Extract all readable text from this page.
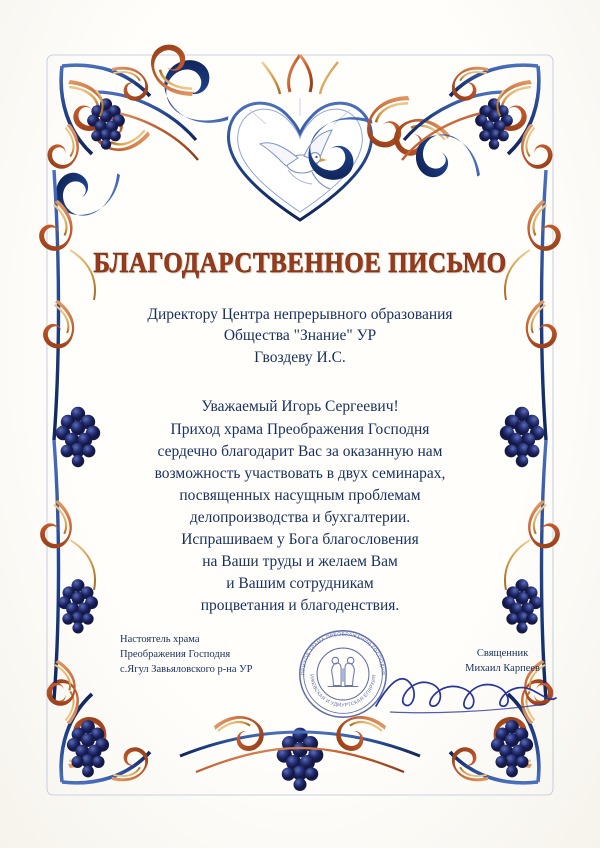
БЛАГОДАРСТВЕННОЕ ПИСЬМО
Директору Центра непрерывного образования
Общества "Знание" УР
Гвоздеву И.С.
Уважаемый Игорь Сергеевич!
Приход храма Преображения Господня
сердечно благодарит Вас за оказанную нам
возможность участвовать в двух семинарах,
посвященных насущным проблемам
делопроизводства и бухгалтерии.
Испрашиваем у Бога благословения
на Ваши труды и желаем Вам
и Вашим сотрудникам
процветания и благоденствия.
Настоятель храма
Преображения Господня
с.Ягул Завьяловского р-на УР	ПРИХОД ХРАМА ПРЕОБРАЖЕНИЯ ГОСПОДНЯ
ИЖЕВСКАЯ И УДМУРТСКАЯ ЕПАРХИЯ
Священник
Михаил Карпеев
